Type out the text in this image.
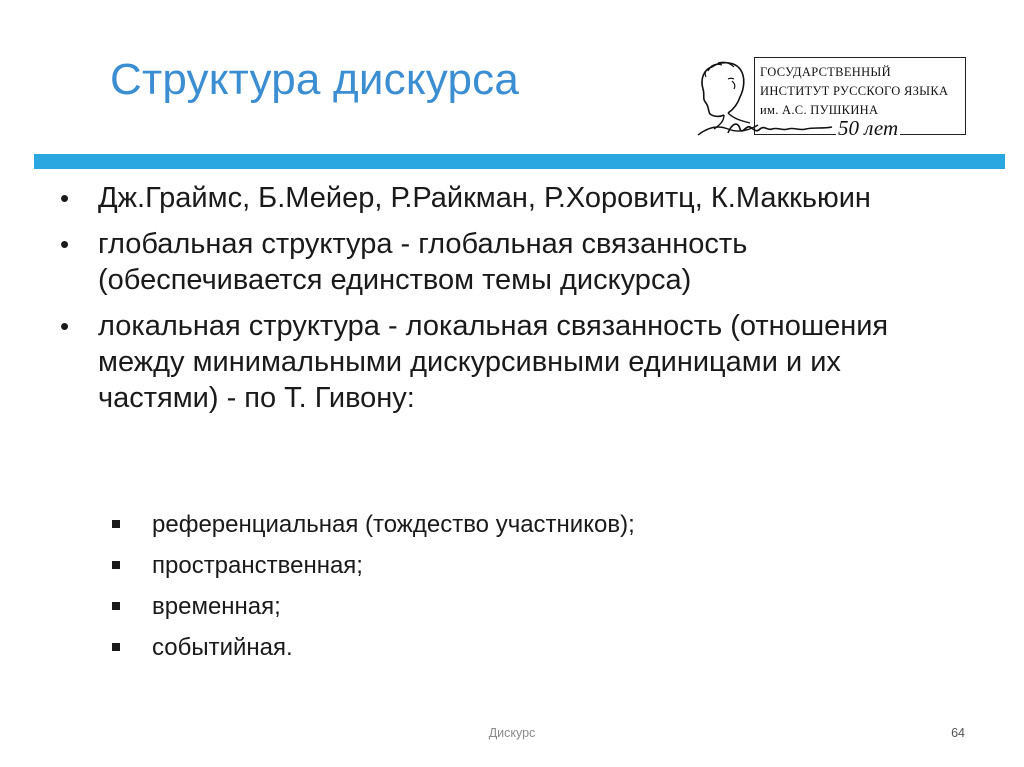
Структура дискурса	ГОСУДАРСТВЕННЫЙ
ИНСТИТУТ РУССКОГО ЯЗЫКА
им. А.С. ПУШКИНА
50 лет
• Дж.Граймс, Б.Мейер, Р.Райкман, Р.Хоровитц, К.Маккьюин
• глобальная структура - глобальная связанность (обеспечивается единством темы дискурса)
• локальная структура - локальная связанность (отношения между минимальными дискурсивными единицами и их частями) - по Т. Гивону:
референциальная (тождество участников);
пространственная;
временная;
событийная.
Дискурс	64
